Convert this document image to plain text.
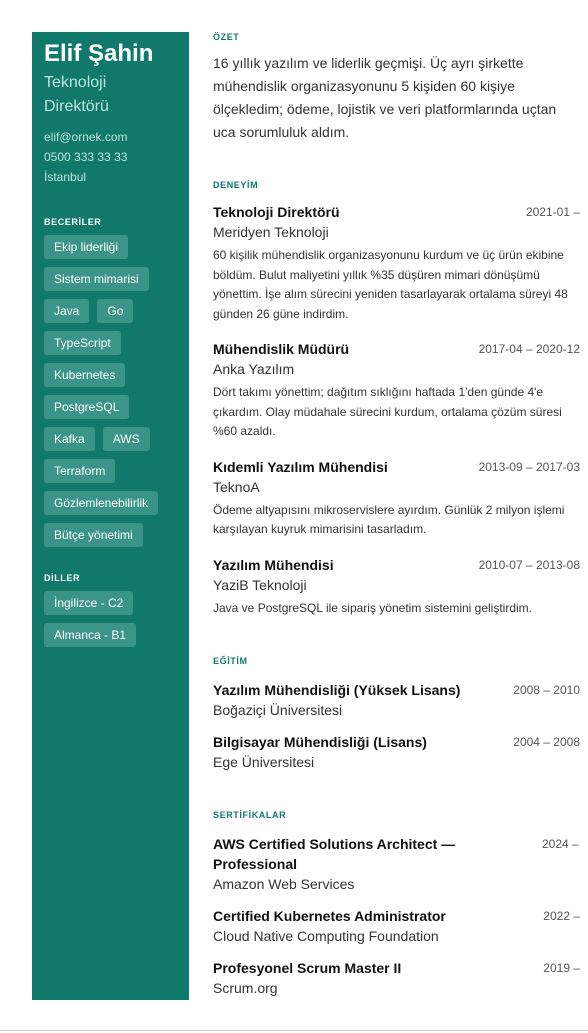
Elif Şahin
Teknoloji Direktörü
elif@ornek.com
0500 333 33 33
İstanbul
BECERİLER
Ekip liderliği
Sistem mimarisi
Java	Go
TypeScript
Kubernetes
PostgreSQL
Kafka	AWS
Terraform
Gözlemlenebilirlik
Bütçe yönetimi
DİLLER
İngilizce - C2
Almanca - B1
ÖZET
16 yıllık yazılım ve liderlik geçmişi. Üç ayrı şirkette mühendislik organizasyonunu 5 kişiden 60 kişiye ölçekledim; ödeme, lojistik ve veri platformlarında uçtan uca sorumluluk aldım.
DENEYİM
Teknoloji Direktörü	2021-01 –
Meridyen Teknoloji
60 kişilik mühendislik organizasyonunu kurdum ve üç ürün ekibine böldüm. Bulut maliyetini yıllık %35 düşüren mimari dönüşümü yönettim. İşe alım sürecini yeniden tasarlayarak ortalama süreyi 48 günden 26 güne indirdim.
Mühendislik Müdürü	2017-04 – 2020-12
Anka Yazılım
Dört takımı yönettim; dağıtım sıklığını haftada 1'den günde 4'e çıkardım. Olay müdahale sürecini kurdum, ortalama çözüm süresi %60 azaldı.
Kıdemli Yazılım Mühendisi	2013-09 – 2017-03
TeknoA
Ödeme altyapısını mikroservislere ayırdım. Günlük 2 milyon işlemi karşılayan kuyruk mimarisini tasarladım.
Yazılım Mühendisi	2010-07 – 2013-08
YaziB Teknoloji
Java ve PostgreSQL ile sipariş yönetim sistemini geliştirdim.
EĞİTİM
Yazılım Mühendisliği (Yüksek Lisans)	2008 – 2010
Boğaziçi Üniversitesi
Bilgisayar Mühendisliği (Lisans)	2004 – 2008
Ege Üniversitesi
SERTİFİKALAR
AWS Certified Solutions Architect — Professional
2024 –
Amazon Web Services
Certified Kubernetes Administrator	2022 –
Cloud Native Computing Foundation
Profesyonel Scrum Master II	2019 –
Scrum.org
